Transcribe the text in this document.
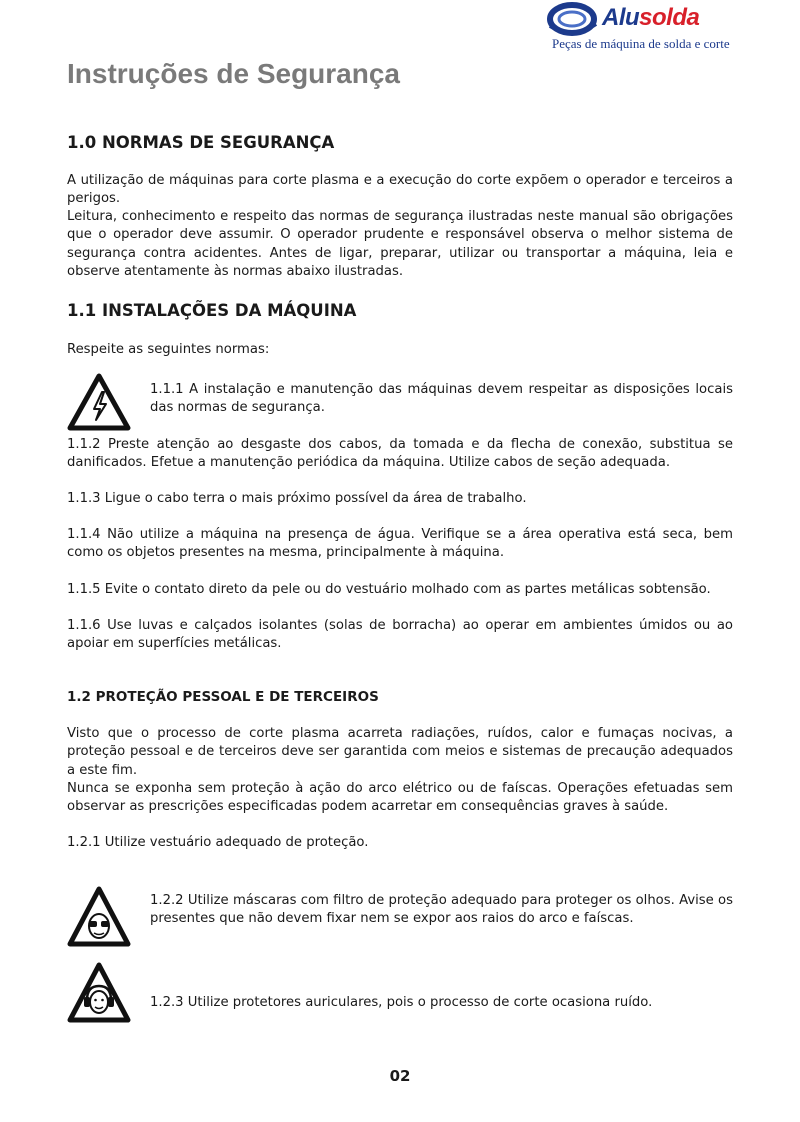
Alusolda
Peças de máquina de solda e corte
Instruções de Segurança
1.0 NORMAS DE SEGURANÇA

A utilização de máquinas para corte plasma e a execução do corte expõem o operador e terceiros a perigos.

Leitura, conhecimento e respeito das normas de segurança ilustradas neste manual são obrigações que o operador deve assumir. O operador prudente e responsável observa o melhor sistema de segurança contra acidentes. Antes de ligar, preparar, utilizar ou transportar a máquina, leia e observe atentamente às normas abaixo ilustradas.

1.1 INSTALAÇÕES DA MÁQUINA

Respeite as seguintes normas:

1.1.1 A instalação e manutenção das máquinas devem respeitar as disposições locais das normas de segurança.

1.1.2 Preste atenção ao desgaste dos cabos, da tomada e da flecha de conexão, substitua se danificados. Efetue a manutenção periódica da máquina. Utilize cabos de seção adequada.

1.1.3 Ligue o cabo terra o mais próximo possível da área de trabalho.

1.1.4 Não utilize a máquina na presença de água. Verifique se a área operativa está seca, bem como os objetos presentes na mesma, principalmente à máquina.

1.1.5 Evite o contato direto da pele ou do vestuário molhado com as partes metálicas sobtensão.

1.1.6 Use luvas e calçados isolantes (solas de borracha) ao operar em ambientes úmidos ou ao apoiar em superfícies metálicas.

1.2 PROTEÇÃO PESSOAL E DE TERCEIROS

Visto que o processo de corte plasma acarreta radiações, ruídos, calor e fumaças nocivas, a proteção pessoal e de terceiros deve ser garantida com meios e sistemas de precaução adequados a este fim.

Nunca se exponha sem proteção à ação do arco elétrico ou de faíscas. Operações efetuadas sem observar as prescrições especificadas podem acarretar em consequências graves à saúde.

1.2.1 Utilize vestuário adequado de proteção.

1.2.2 Utilize máscaras com filtro de proteção adequado para proteger os olhos. Avise os presentes que não devem fixar nem se expor aos raios do arco e faíscas.

1.2.3 Utilize protetores auriculares, pois o processo de corte ocasiona ruído.

02
